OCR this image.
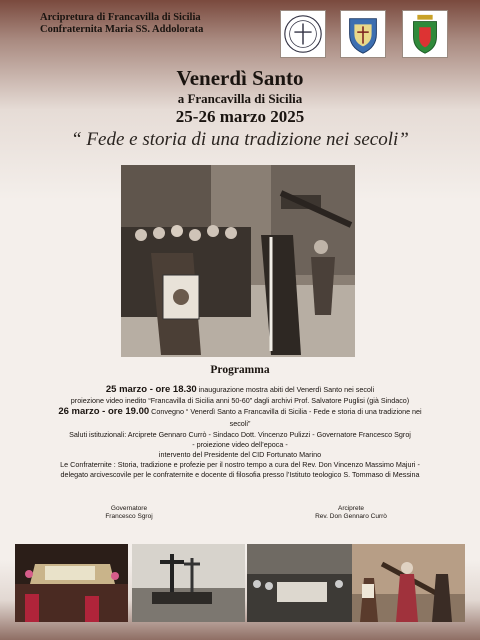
Arcipretura di Francavilla di Sicilia
Confraternita Maria SS. Addolorata
Venerdì Santo
a Francavilla di Sicilia
25-26 marzo 2025
“ Fede e storia di una tradizione nei secoli”
Programma
25 marzo - ore 18.30 inaugurazione mostra abiti del Venerdì Santo nei secoli
proiezione video inedito “Francavilla di Sicilia anni 50-60” dagli archivi Prof. Salvatore Puglisi (già Sindaco)
26 marzo - ore 19.00 Convegno “ Venerdì Santo a Francavilla di Sicilia - Fede e storia di una tradizione nei secoli”
Saluti istituzionali: Arciprete Gennaro Currò - Sindaco Dott. Vincenzo Pulizzi - Governatore Francesco Sgroj
- proiezione video dell’epoca -
intervento del Presidente del CID Fortunato Marino
Le Confraternite : Storia, tradizione e profezie per il nostro tempo a cura del Rev. Don Vincenzo Massimo Majuri -
delegato arcivescovile per le confraternite e docente di filosofia presso l’Istituto teologico S. Tommaso di Messina
Governatore
Francesco Sgroj
Arciprete
Rev. Don Gennaro Currò
